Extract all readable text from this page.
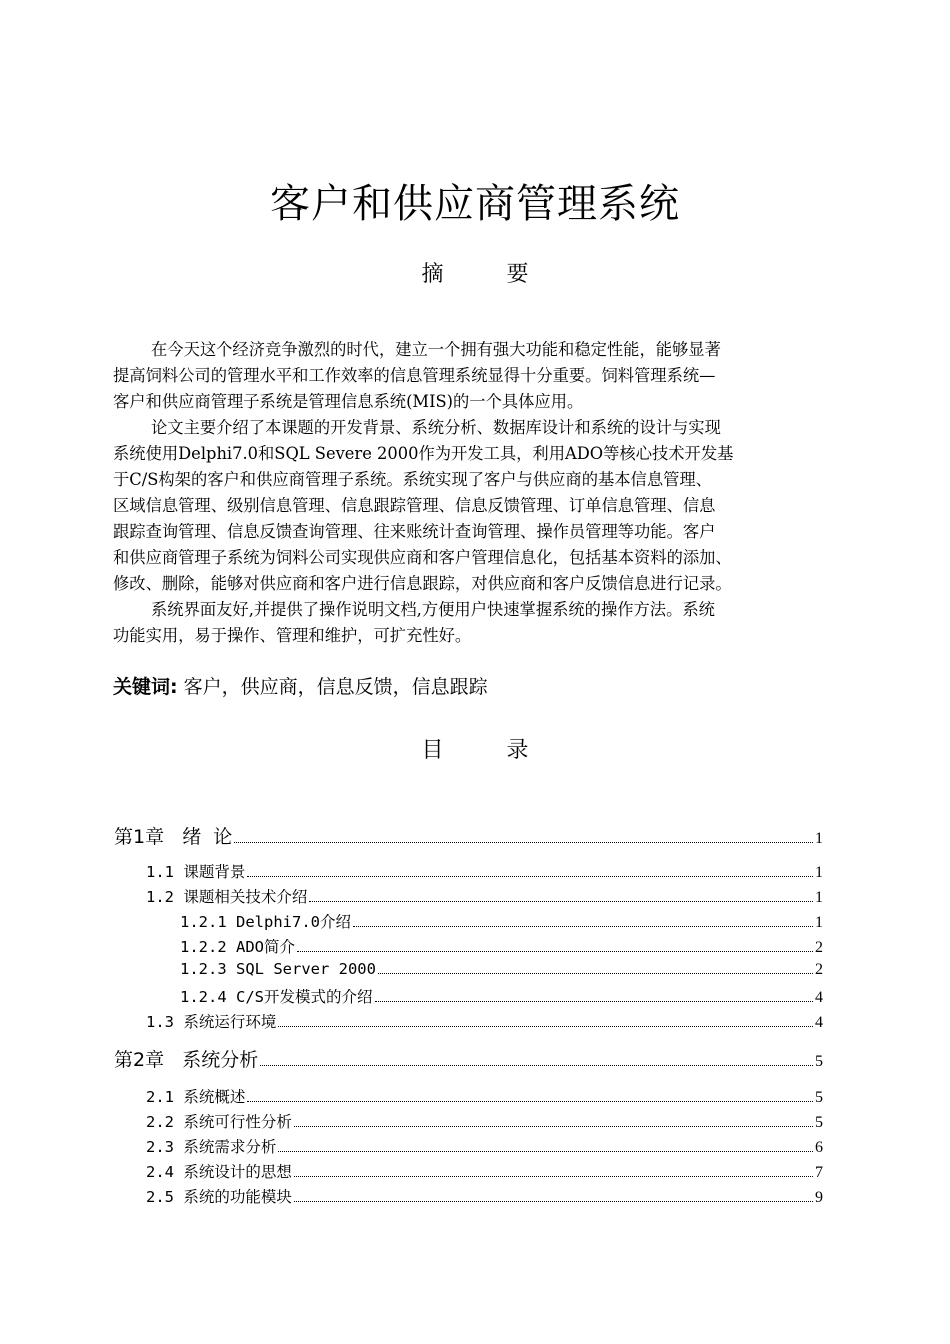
客户和供应商管理系统
摘 要
在今天这个经济竞争激烈的时代，建立一个拥有强大功能和稳定性能，能够显著
提高饲料公司的管理水平和工作效率的信息管理系统显得十分重要。饲料管理系统—
客户和供应商管理子系统是管理信息系统(MIS)的一个具体应用。
论文主要介绍了本课题的开发背景、系统分析、数据库设计和系统的设计与实现
系统使用Delphi7.0和SQL Severe 2000作为开发工具，利用ADO等核心技术开发基
于C/S构架的客户和供应商管理子系统。系统实现了客户与供应商的基本信息管理、
区域信息管理、级别信息管理、信息跟踪管理、信息反馈管理、订单信息管理、信息
跟踪查询管理、信息反馈查询管理、往来账统计查询管理、操作员管理等功能。客户
和供应商管理子系统为饲料公司实现供应商和客户管理信息化，包括基本资料的添加、
修改、删除，能够对供应商和客户进行信息跟踪，对供应商和客户反馈信息进行记录。
系统界面友好,并提供了操作说明文档,方便用户快速掌握系统的操作方法。系统
功能实用，易于操作、管理和维护，可扩充性好。
关键词: 客户，供应商，信息反馈，信息跟踪
目 录
第1章   绪  论	1
1.1 课题背景	1
1.2 课题相关技术介绍	1
1.2.1 Delphi7.0介绍	1
1.2.2 ADO简介	2
1.2.3 SQL Server 2000	2
1.2.4 C/S开发模式的介绍	4
1.3 系统运行环境	4
第2章   系统分析	5
2.1 系统概述	5
2.2 系统可行性分析	5
2.3 系统需求分析	6
2.4 系统设计的思想	7
2.5 系统的功能模块	9
